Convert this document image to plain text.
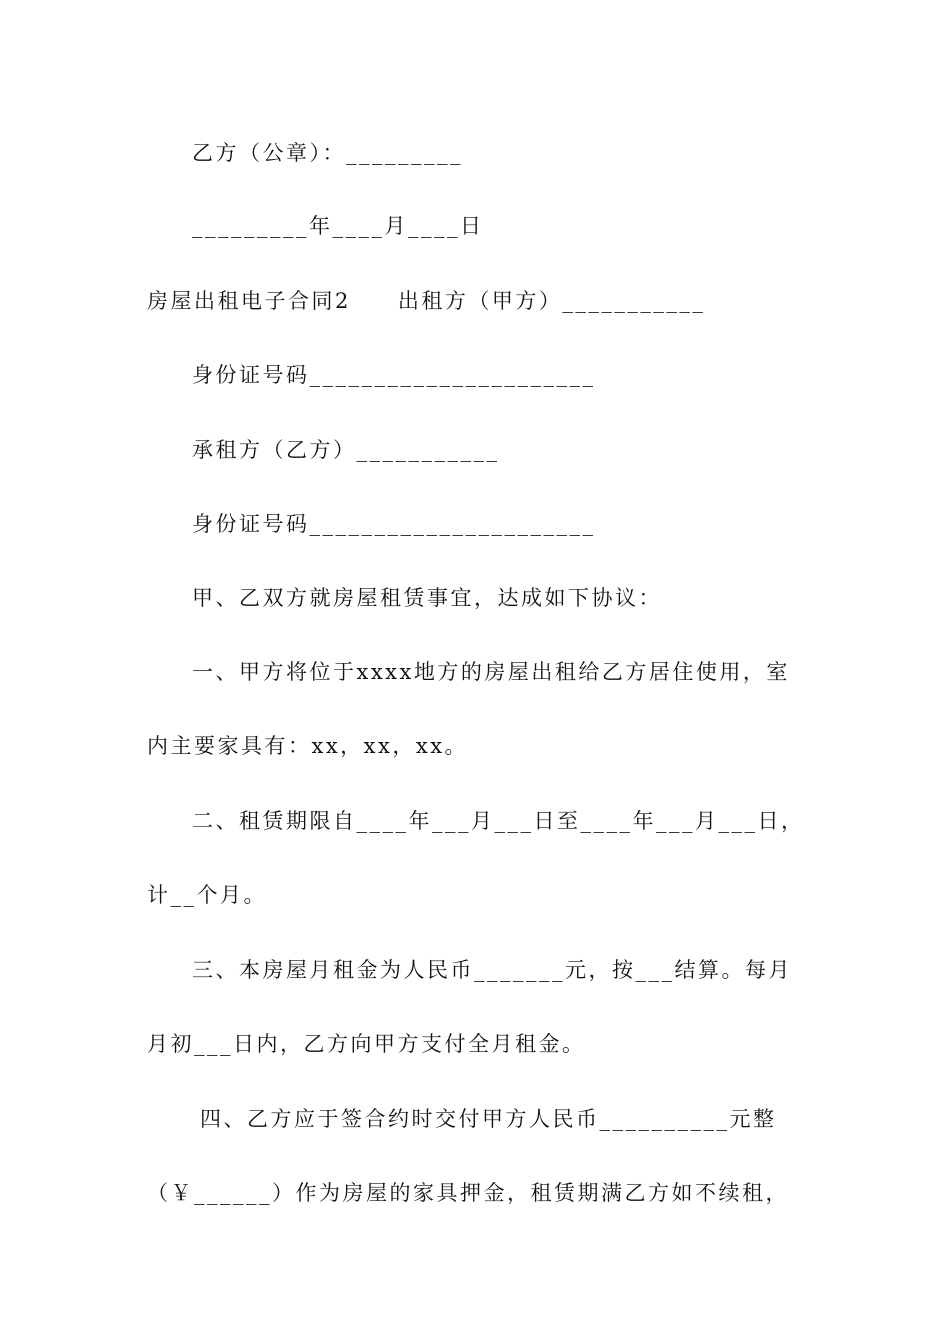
乙方（公章）：_________
_________年____月____日
房屋出租电子合同2　　出租方（甲方）___________
身份证号码______________________
承租方（乙方）___________
身份证号码______________________
甲、乙双方就房屋租赁事宜，达成如下协议：
一、甲方将位于xxxx地方的房屋出租给乙方居住使用，室
内主要家具有：xx，xx，xx。
二、租赁期限自____年___月___日至____年___月___日，
计__个月。
三、本房屋月租金为人民币_______元，按___结算。每月
月初___日内，乙方向甲方支付全月租金。
四、乙方应于签合约时交付甲方人民币__________元整
（￥______）作为房屋的家具押金，租赁期满乙方如不续租，
